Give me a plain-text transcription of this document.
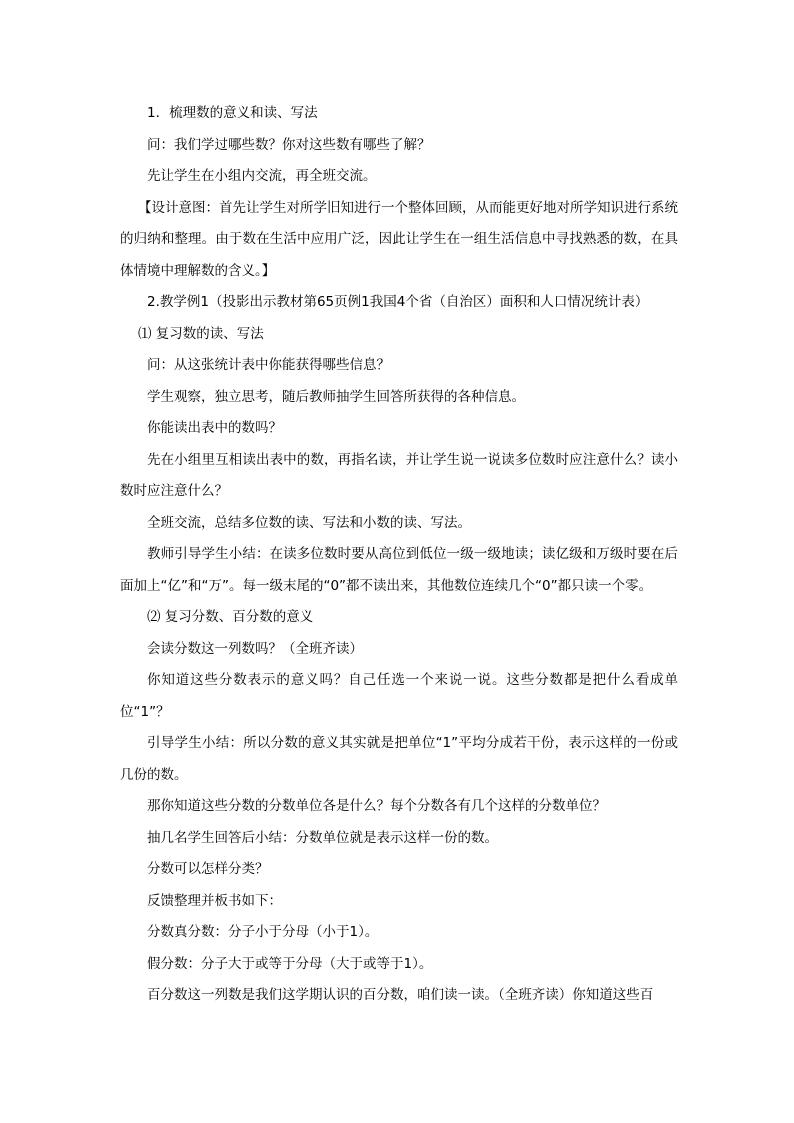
1．梳理数的意义和读、写法

问：我们学过哪些数？你对这些数有哪些了解？

先让学生在小组内交流，再全班交流。

【设计意图：首先让学生对所学旧知进行一个整体回顾，从而能更好地对所学知识进行系统的归纳和整理。由于数在生活中应用广泛，因此让学生在一组生活信息中寻找熟悉的数，在具体情境中理解数的含义。】

2.教学例1（投影出示教材第65页例1我国4个省（自治区）面积和人口情况统计表）

⑴ 复习数的读、写法

问：从这张统计表中你能获得哪些信息？

学生观察，独立思考，随后教师抽学生回答所获得的各种信息。

你能读出表中的数吗？

先在小组里互相读出表中的数，再指名读，并让学生说一说读多位数时应注意什么？读小数时应注意什么？

全班交流，总结多位数的读、写法和小数的读、写法。

教师引导学生小结：在读多位数时要从高位到低位一级一级地读；读亿级和万级时要在后面加上“亿”和“万”。每一级末尾的“0”都不读出来，其他数位连续几个“0”都只读一个零。

⑵ 复习分数、百分数的意义

会读分数这一列数吗？（全班齐读）

你知道这些分数表示的意义吗？自己任选一个来说一说。这些分数都是把什么看成单位“1”？

引导学生小结：所以分数的意义其实就是把单位“1”平均分成若干份，表示这样的一份或几份的数。

那你知道这些分数的分数单位各是什么？每个分数各有几个这样的分数单位？

抽几名学生回答后小结：分数单位就是表示这样一份的数。

分数可以怎样分类？

反馈整理并板书如下：

分数真分数：分子小于分母（小于1）。

假分数：分子大于或等于分母（大于或等于1）。

百分数这一列数是我们这学期认识的百分数，咱们读一读。（全班齐读）你知道这些百
